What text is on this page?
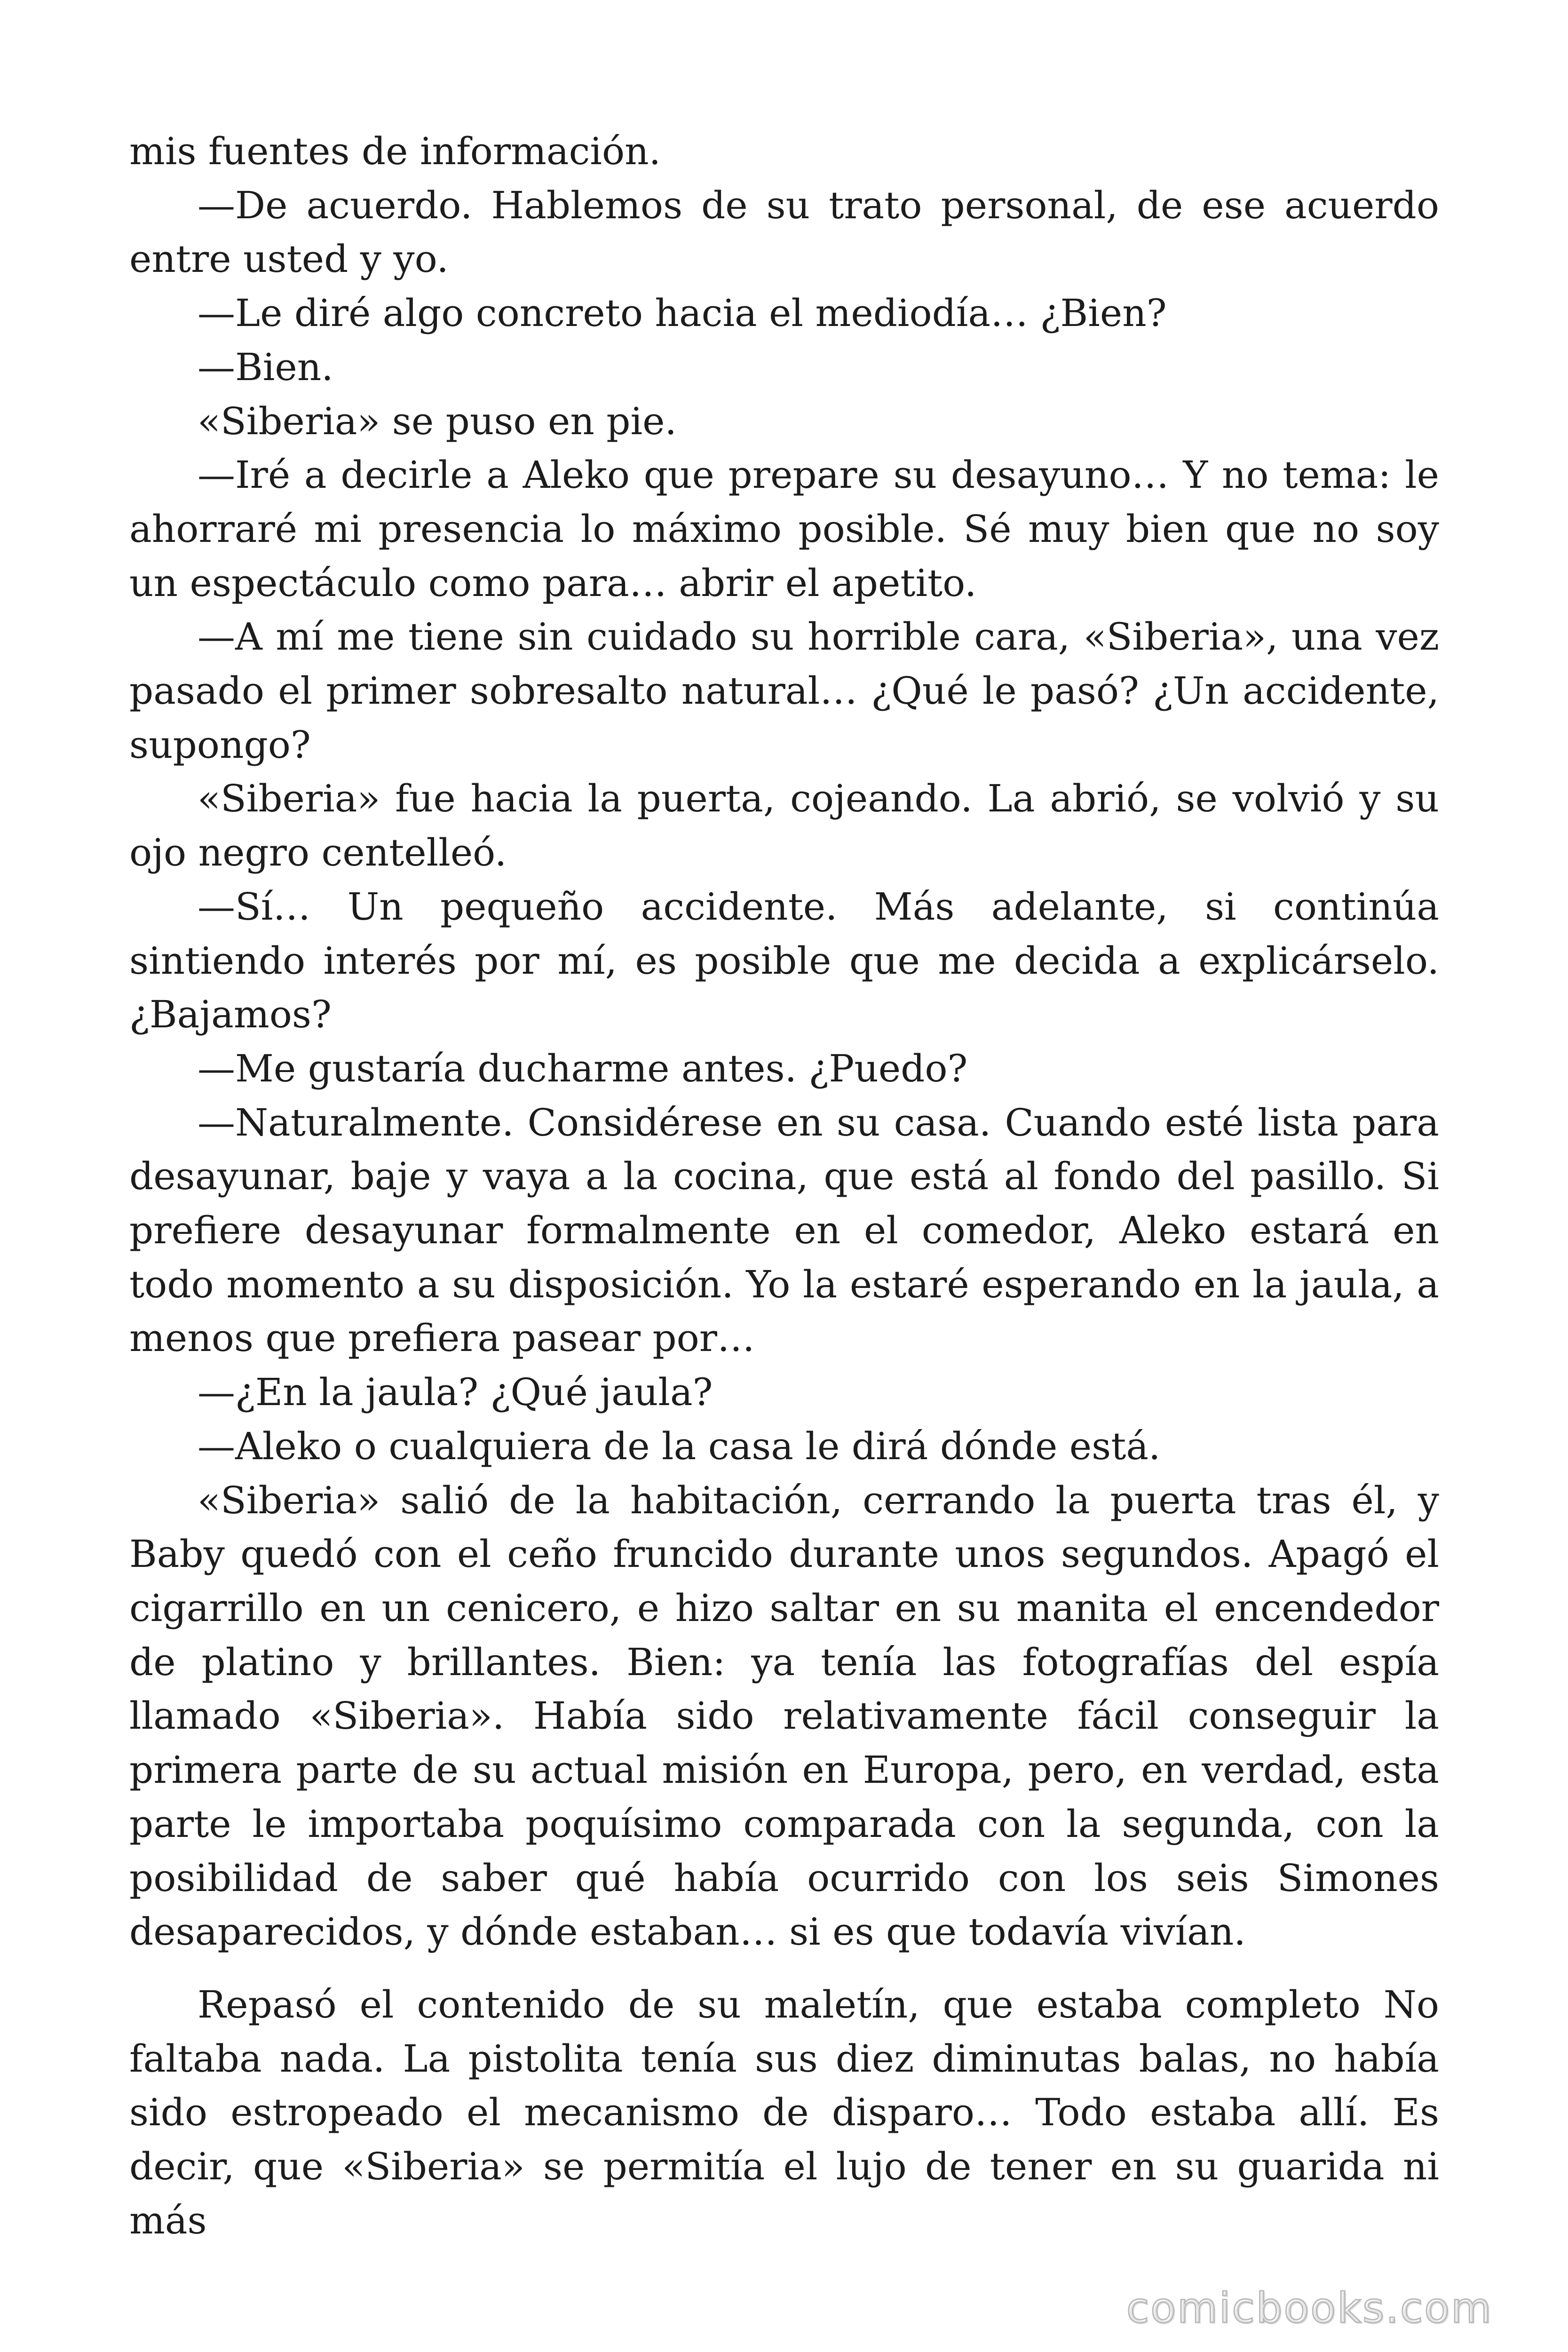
mis fuentes de información.

—De acuerdo. Hablemos de su trato personal, de ese acuerdo entre usted y yo.

—Le diré algo concreto hacia el mediodía… ¿Bien?

—Bien.

«Siberia» se puso en pie.

—Iré a decirle a Aleko que prepare su desayuno… Y no tema: le ahorraré mi presencia lo máximo posible. Sé muy bien que no soy un espectáculo como para… abrir el apetito.

—A mí me tiene sin cuidado su horrible cara, «Siberia», una vez pasado el primer sobresalto natural… ¿Qué le pasó? ¿Un accidente, supongo?

«Siberia» fue hacia la puerta, cojeando. La abrió, se volvió y su ojo negro centelleó.

—Sí… Un pequeño accidente. Más adelante, si continúa sintiendo interés por mí, es posible que me decida a explicárselo. ¿Bajamos?

—Me gustaría ducharme antes. ¿Puedo?

—Naturalmente. Considérese en su casa. Cuando esté lista para desayunar, baje y vaya a la cocina, que está al fondo del pasillo. Si prefiere desayunar formalmente en el comedor, Aleko estará en todo momento a su disposición. Yo la estaré esperando en la jaula, a menos que prefiera pasear por…

—¿En la jaula? ¿Qué jaula?

—Aleko o cualquiera de la casa le dirá dónde está.

«Siberia» salió de la habitación, cerrando la puerta tras él, y Baby quedó con el ceño fruncido durante unos segundos. Apagó el cigarrillo en un cenicero, e hizo saltar en su manita el encendedor de platino y brillantes. Bien: ya tenía las fotografías del espía llamado «Siberia». Había sido relativamente fácil conseguir la primera parte de su actual misión en Europa, pero, en verdad, esta parte le importaba poquísimo comparada con la segunda, con la posibilidad de saber qué había ocurrido con los seis Simones desaparecidos, y dónde estaban… si es que todavía vivían.

Repasó el contenido de su maletín, que estaba completo No faltaba nada. La pistolita tenía sus diez diminutas balas, no había sido estropeado el mecanismo de disparo… Todo estaba allí. Es decir, que «Siberia» se permitía el lujo de tener en su guarida ni más

comicbooks.com
